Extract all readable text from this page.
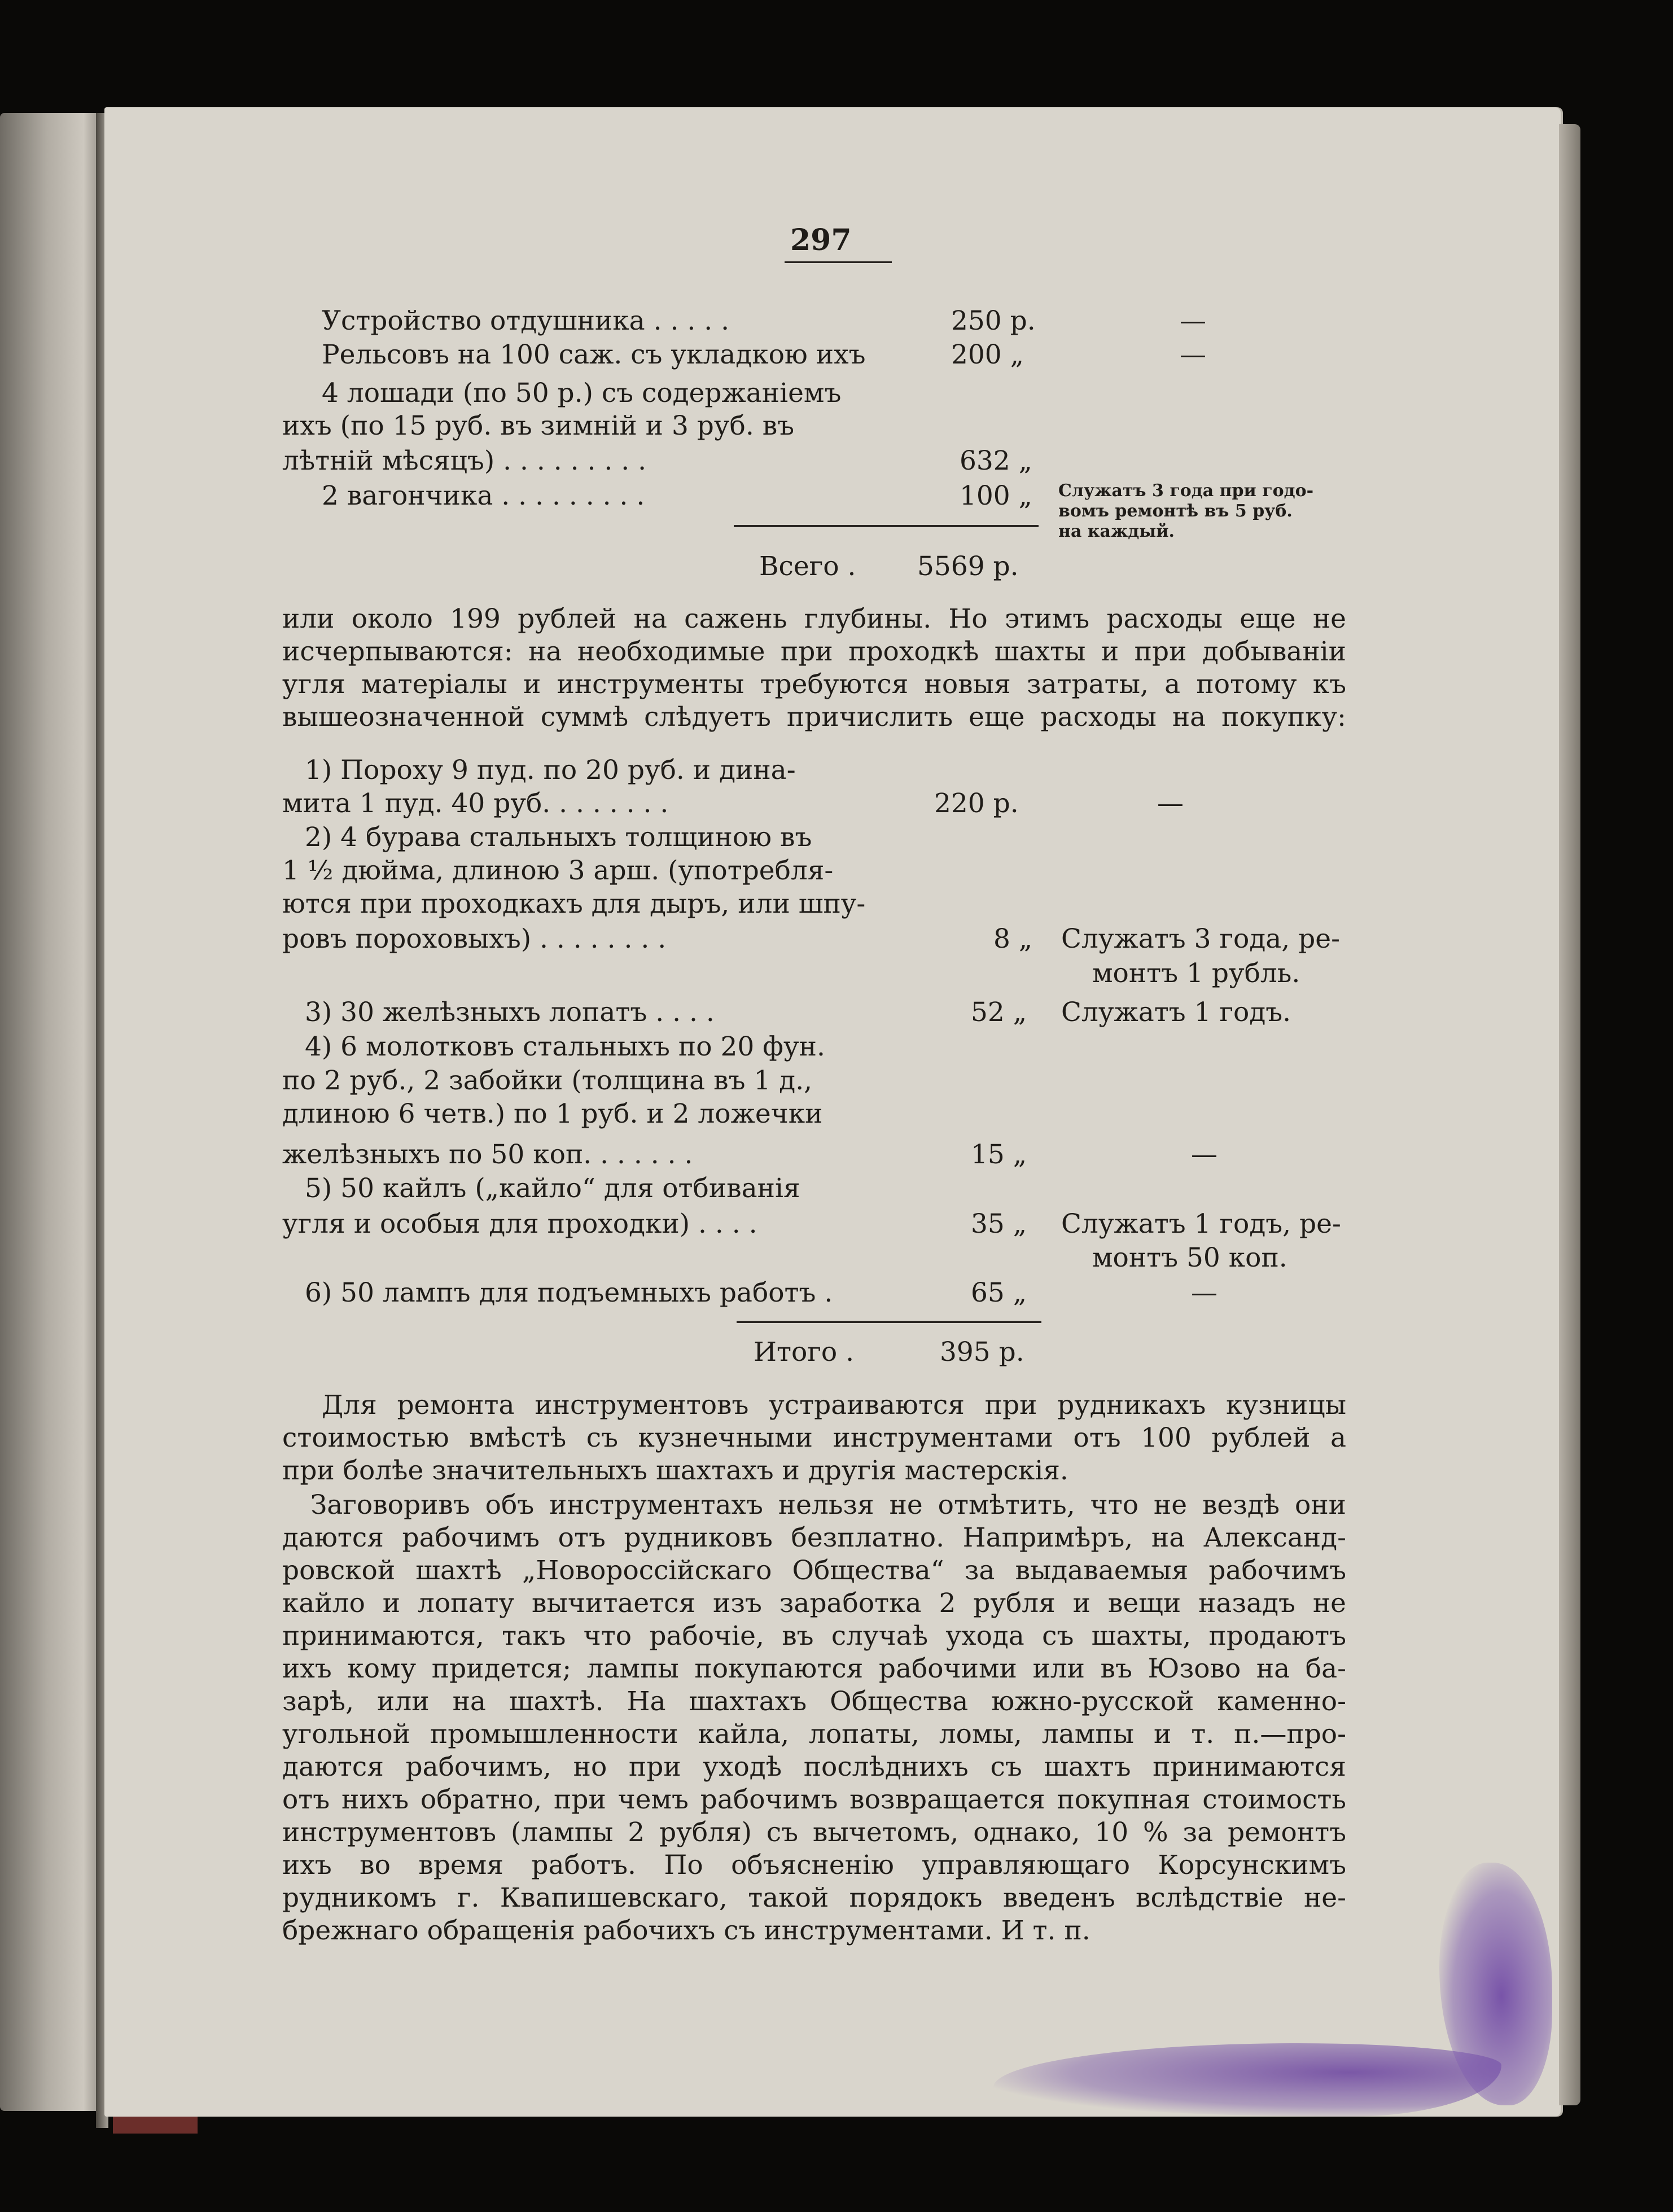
297
Устройство отдушника . . . . .	250 р.	—
Рельсовъ на 100 саж. съ укладкою ихъ	200 „	—
4 лошади (по 50 р.) съ содержаніемъ
ихъ (по 15 руб. въ зимній и 3 руб. въ
лѣтній мѣсяцъ) . . . . . . . . .	632 „
2 вагончика . . . . . . . . .	100 „ Служатъ 3 года при годо-
вомъ ремонтѣ въ 5 руб.
на каждый.
Всего . 5569 р.
или около 199 рублей на сажень глубины. Но этимъ расходы еще не
исчерпываются: на необходимые при проходкѣ шахты и при добываніи
угля матеріалы и инструменты требуются новыя затраты, а потому къ
вышеозначенной суммѣ слѣдуетъ причислить еще расходы на покупку:
1) Пороху 9 пуд. по 20 руб. и дина-
мита 1 пуд. 40 руб. . . . . . . .	220 р.	—
2) 4 бурава стальныхъ толщиною въ
1 ½ дюйма, длиною 3 арш. (употребля-
ются при проходкахъ для дыръ, или шпу-
ровъ пороховыхъ) . . . . . . . .	8 „ Служатъ 3 года, ре-
монтъ 1 рубль.
3) 30 желѣзныхъ лопатъ . . . .	52 „ Служатъ 1 годъ.
4) 6 молотковъ стальныхъ по 20 фун.
по 2 руб., 2 забойки (толщина въ 1 д.,
длиною 6 четв.) по 1 руб. и 2 ложечки
желѣзныхъ по 50 коп. . . . . . .	15 „	—
5) 50 кайлъ („кайло“ для отбиванія
угля и особыя для проходки) . . . .	35 „ Служатъ 1 годъ, ре-
монтъ 50 коп.
6) 50 лампъ для подъемныхъ работъ .	65 „	—
Итого .	395 р.
Для ремонта инструментовъ устраиваются при рудникахъ кузницы
стоимостью вмѣстѣ съ кузнечными инструментами отъ 100 рублей а
при болѣе значительныхъ шахтахъ и другія мастерскія.
Заговоривъ объ инструментахъ нельзя не отмѣтить, что не вездѣ они
даются рабочимъ отъ рудниковъ безплатно. Напримѣръ, на Александ-
ровской шахтѣ „Новороссійскаго Общества“ за выдаваемыя рабочимъ
кайло и лопату вычитается изъ заработка 2 рубля и вещи назадъ не
принимаются, такъ что рабочіе, въ случаѣ ухода съ шахты, продаютъ
ихъ кому придется; лампы покупаются рабочими или въ Юзово на ба-
зарѣ, или на шахтѣ. На шахтахъ Общества южно-русской каменно-
угольной промышленности кайла, лопаты, ломы, лампы и т. п.—про-
даются рабочимъ, но при уходѣ послѣднихъ съ шахтъ принимаются
отъ нихъ обратно, при чемъ рабочимъ возвращается покупная стоимость
инструментовъ (лампы 2 рубля) съ вычетомъ, однако, 10 % за ремонтъ
ихъ во время работъ. По объясненію управляющаго Корсунскимъ
рудникомъ г. Квапишевскаго, такой порядокъ введенъ вслѣдствіе не-
брежнаго обращенія рабочихъ съ инструментами. И т. п.
